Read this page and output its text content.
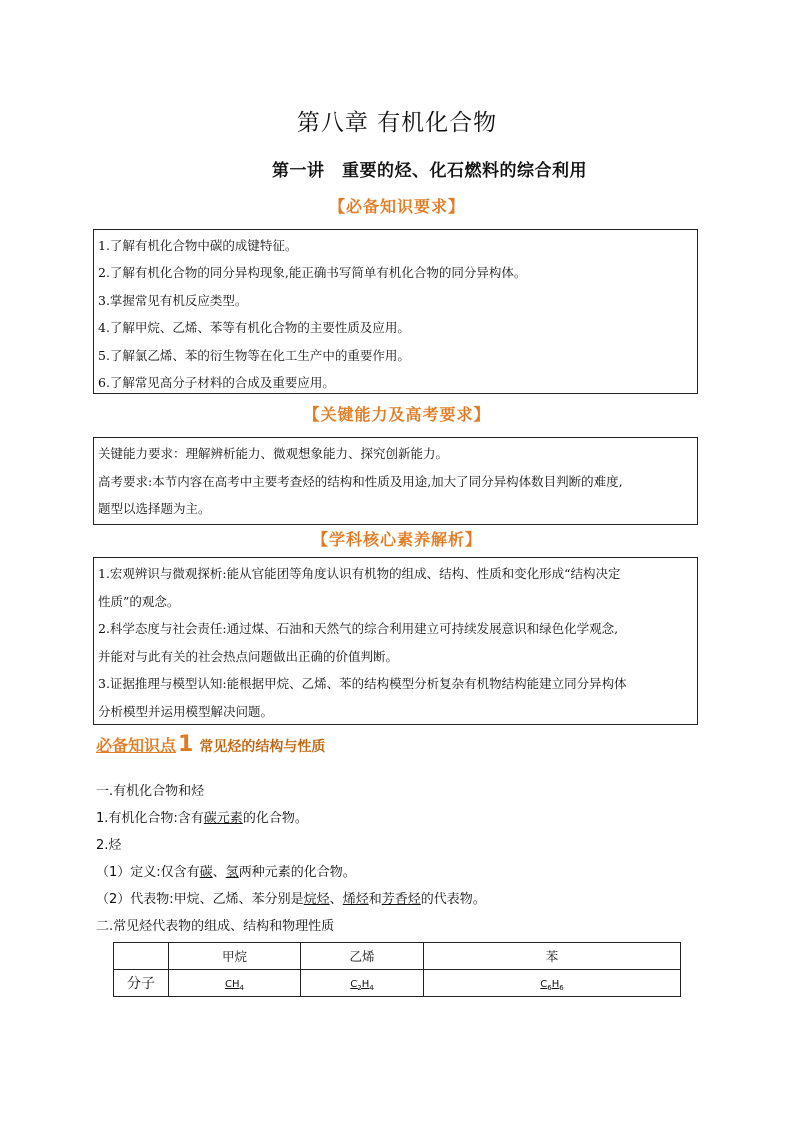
第八章 有机化合物
第一讲　重要的烃、化石燃料的综合利用
【必备知识要求】
1.了解有机化合物中碳的成键特征。
2.了解有机化合物的同分异构现象,能正确书写简单有机化合物的同分异构体。
3.掌握常见有机反应类型。
4.了解甲烷、乙烯、苯等有机化合物的主要性质及应用。
5.了解氯乙烯、苯的衍生物等在化工生产中的重要作用。
6.了解常见高分子材料的合成及重要应用。
【关键能力及高考要求】
关键能力要求：理解辨析能力、微观想象能力、探究创新能力。
高考要求:本节内容在高考中主要考查烃的结构和性质及用途,加大了同分异构体数目判断的难度,
题型以选择题为主。
【学科核心素养解析】
1.宏观辨识与微观探析:能从官能团等角度认识有机物的组成、结构、性质和变化形成“结构决定
性质”的观念。
2.科学态度与社会责任:通过煤、石油和天然气的综合利用建立可持续发展意识和绿色化学观念,
并能对与此有关的社会热点问题做出正确的价值判断。
3.证据推理与模型认知:能根据甲烷、乙烯、苯的结构模型分析复杂有机物结构能建立同分异构体
分析模型并运用模型解决问题。
必备知识点1 常见烃的结构与性质
一.有机化合物和烃
1.有机化合物:含有碳元素的化合物。
2.烃
（1）定义:仅含有碳、氢两种元素的化合物。
（2）代表物:甲烷、乙烯、苯分别是烷烃、烯烃和芳香烃的代表物。
二.常见烃代表物的组成、结构和物理性质
	甲烷	乙烯	苯
分子	$CH_4$	$C_2H_4$	$C_6H_6$
